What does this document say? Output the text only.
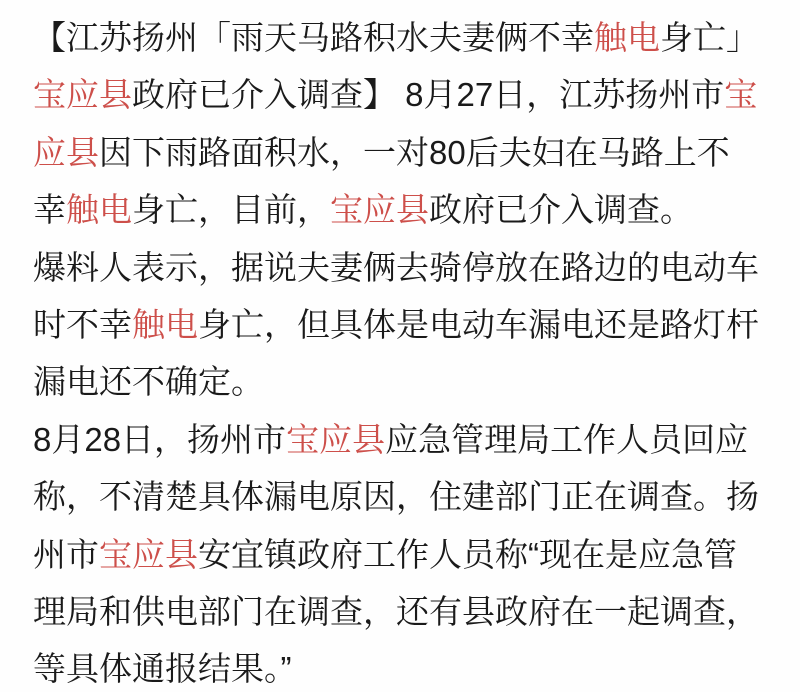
【江苏扬州「雨天马路积水夫妻俩不幸触电身亡」
宝应县政府已介入调查】 8月27日，江苏扬州市宝
应县因下雨路面积水，一对80后夫妇在马路上不
幸触电身亡，目前，宝应县政府已介入调查。
爆料人表示，据说夫妻俩去骑停放在路边的电动车
时不幸触电身亡，但具体是电动车漏电还是路灯杆
漏电还不确定。
8月28日，扬州市宝应县应急管理局工作人员回应
称，不清楚具体漏电原因，住建部门正在调查。扬
州市宝应县安宜镇政府工作人员称“现在是应急管
理局和供电部门在调查，还有县政府在一起调查，
等具体通报结果。”
